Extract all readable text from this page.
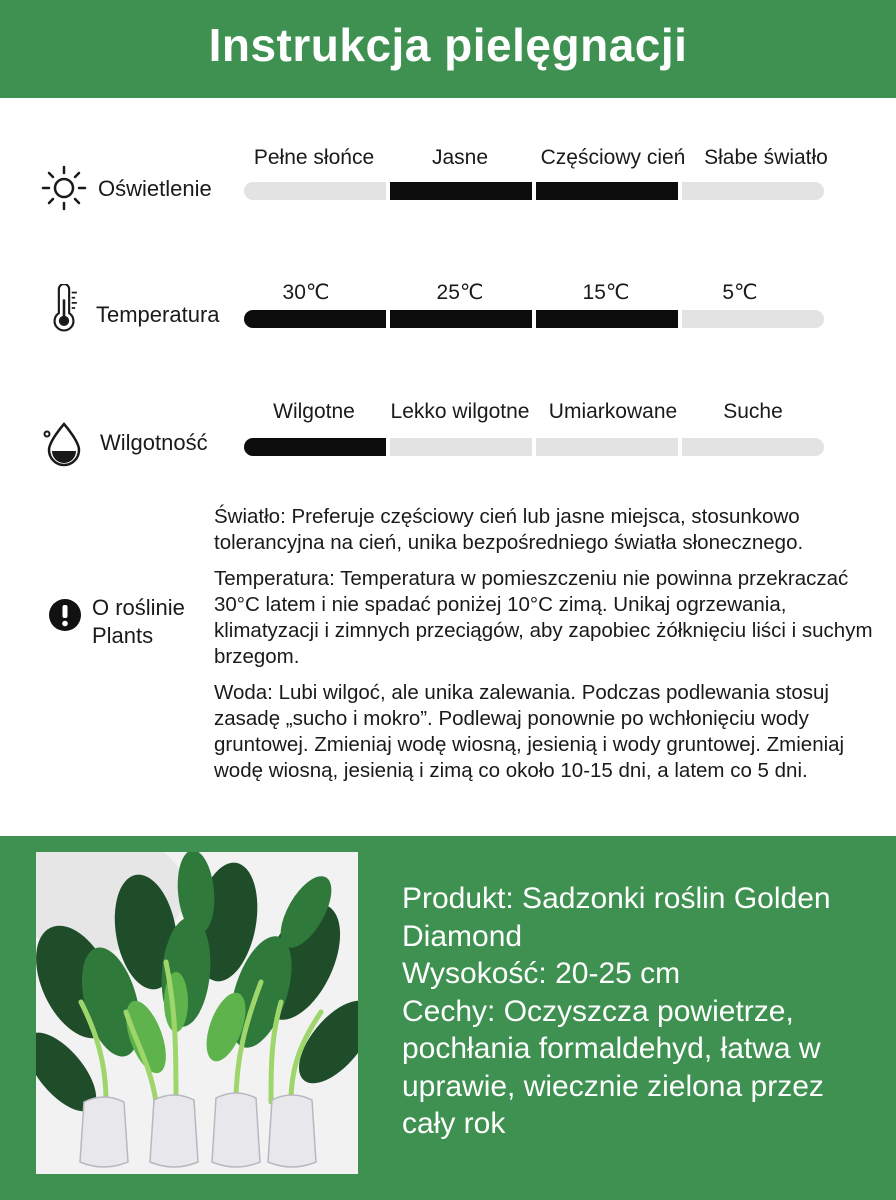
Instrukcja pielęgnacji
Oświetlenie
Pełne słońce	Jasne	Częściowy cień Słabe światło
Temperatura
30℃	25℃	15℃	5℃
Wilgotność
Wilgotne	Lekko wilgotne Umiarkowane	Suche
O roślinie
Plants

Światło: Preferuje częściowy cień lub jasne miejsca, stosunkowo tolerancyjna na cień, unika bezpośredniego światła słonecznego.

Temperatura: Temperatura w pomieszczeniu nie powinna przekraczać 30°C latem i nie spadać poniżej 10°C zimą. Unikaj ogrzewania, klimatyzacji i zimnych przeciągów, aby zapobiec żółknięciu liści i suchym brzegom.

Woda: Lubi wilgoć, ale unika zalewania. Podczas podlewania stosuj zasadę „sucho i mokro”. Podlewaj ponownie po wchłonięciu wody gruntowej. Zmieniaj wodę wiosną, jesienią i wody gruntowej. Zmieniaj wodę wiosną, jesienią i zimą co około 10-15 dni, a latem co 5 dni.

Produkt: Sadzonki roślin Golden
Diamond
Wysokość: 20-25 cm
Cechy: Oczyszcza powietrze,
pochłania formaldehyd, łatwa w
uprawie, wiecznie zielona przez
cały rok
